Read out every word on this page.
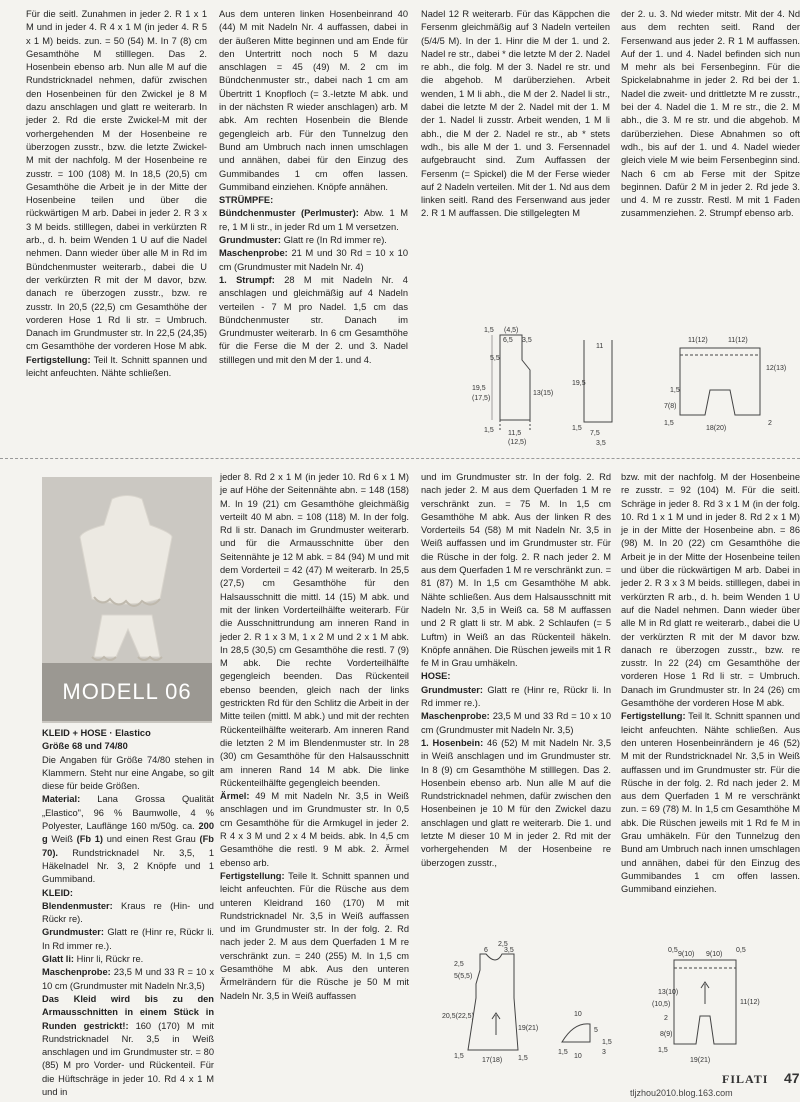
Für die seitl. Zunahmen in jeder 2. R 1 x 1 M und in jeder 4. R 4 x 1 M (in jeder 4. R 5 x 1 M) beids. zun. = 50 (54) M. In 7 (8) cm Gesamthöhe M stilllegen. Das 2. Hosenbein ebenso arb. Nun alle M auf die Rundstricknadel nehmen, dafür zwischen den Hosenbeinen für den Zwickel je 8 M dazu anschlagen und glatt re weiterarb. In jeder 2. Rd die erste Zwickel-M mit der vorhergehenden M der Hosenbeine re überzogen zusstr., bzw. die letzte Zwickel-M mit der nachfolg. M der Hosenbeine re zusstr. = 100 (108) M. In 18,5 (20,5) cm Gesamthöhe die Arbeit je in der Mitte der Hosenbeine teilen und über die rückwärtigen M arb. Dabei in jeder 2. R 3 x 3 M beids. stilllegen, dabei in verkürzten R arb., d. h. beim Wenden 1 U auf die Nadel nehmen. Dann wieder über alle M in Rd im Bündchenmuster weiterarb., dabei die U der verkürzten R mit der M davor, bzw. danach re überzogen zusstr., bzw. re zusstr. In 20,5 (22,5) cm Gesamthöhe der vorderen Hose 1 Rd li str. = Umbruch. Danach im Grundmuster str. In 22,5 (24,35) cm Gesamthöhe der vorderen Hose M abk. Fertigstellung: Teil lt. Schnitt spannen und leicht anfeuchten. Nähte schließen.

Aus dem unteren linken Hosenbeinrand 40 (44) M mit Nadeln Nr. 4 auffassen, dabei in der äußeren Mitte beginnen und am Ende für den Untertritt noch noch 5 M dazu anschlagen = 45 (49) M. 2 cm im Bündchenmuster str., dabei nach 1 cm am Übertritt 1 Knopfloch (= 3.-letzte M abk. und in der nächsten R wieder anschlagen) arb. M abk. Am rechten Hosenbein die Blende gegengleich arb. Für den Tunnelzug den Bund am Umbruch nach innen umschlagen und annähen, dabei für den Einzug des Gummibandes 1 cm offen lassen. Gummiband einziehen. Knöpfe annähen.

STRÜMPFE:

Bündchenmuster (Perlmuster): Abw. 1 M re, 1 M li str., in jeder Rd um 1 M versetzen.

Grundmuster: Glatt re (In Rd immer re).

Maschenprobe: 21 M und 30 Rd = 10 x 10 cm (Grundmuster mit Nadeln Nr. 4)

1. Strumpf: 28 M mit Nadeln Nr. 4 anschlagen und gleichmäßig auf 4 Nadeln verteilen - 7 M pro Nadel. 1,5 cm das Bündchenmuster str. Danach im Grundmuster weiterarb. In 6 cm Gesamthöhe für die Ferse die M der 2. und 3. Nadel stilllegen und mit den M der 1. und 4.

Nadel 12 R weiterarb. Für das Käppchen die Fersenm gleichmäßig auf 3 Nadeln verteilen (5/4/5 M). In der 1. Hinr die M der 1. und 2. Nadel re str., dabei * die letzte M der 2. Nadel re abh., die folg. M der 3. Nadel re str. und die abgehob. M darüberziehen. Arbeit wenden, 1 M li abh., die M der 2. Nadel li str., dabei die letzte M der 2. Nadel mit der 1. M der 1. Nadel li zusstr. Arbeit wenden, 1 M li abh., die M der 2. Nadel re str., ab * stets wdh., bis alle M der 1. und 3. Fersennadel aufgebraucht sind. Zum Auffassen der Fersenm (= Spickel) die M der Ferse wieder auf 2 Nadeln verteilen. Mit der 1. Nd aus dem linken seitl. Rand des Fersenwand aus jeder 2. R 1 M auffassen. Die stillgelegten M

der 2. u. 3. Nd wieder mitstr. Mit der 4. Nd aus dem rechten seitl. Rand der Fersenwand aus jeder 2. R 1 M auffassen. Auf der 1. und 4. Nadel befinden sich nun M mehr als bei Fersenbeginn. Für die Spickelabnahme in jeder 2. Rd bei der 1. Nadel die zweit- und drittletzte M re zusstr., bei der 4. Nadel die 1. M re str., die 2. M abh., die 3. M re str. und die abgehob. M darüberziehen. Diese Abnahmen so oft wdh., bis auf der 1. und 4. Nadel wieder gleich viele M wie beim Fersenbeginn sind. Nach 6 cm ab Ferse mit der Spitze beginnen. Dafür 2 M in jeder 2. Rd jede 3. und 4. M re zusstr. Restl. M mit 1 Faden zusammenziehen. 2. Strumpf ebenso arb.

(4,5)
6,5 3,5
1,5
(17,5)
19,5
5,5
1,5 11,5
(12,5)
13(15)
11
19,5
1,5
7,5
3,5
11(12)	11(12)
12(13)
1,5
7(8)
1,5
18(20)
2
MODELL 06

KLEID + HOSE · Elastico

Größe 68 und 74/80

Die Angaben für Größe 74/80 stehen in Klammern. Steht nur eine Angabe, so gilt diese für beide Größen.

Material: Lana Grossa Qualität „Elastico", 96 % Baumwolle, 4 % Polyester, Lauflänge 160 m/50g. ca. 200 g Weiß (Fb 1) und einen Rest Grau (Fb 70). Rundstricknadel Nr. 3,5, 1 Häkelnadel Nr. 3, 2 Knöpfe und 1 Gummiband.

KLEID:

Blendenmuster: Kraus re (Hin- und Rückr re).

Grundmuster: Glatt re (Hinr re, Rückr li. In Rd immer re.).

Glatt li: Hinr li, Rückr re.

Maschenprobe: 23,5 M und 33 R = 10 x 10 cm (Grundmuster mit Nadeln Nr.3,5)

Das Kleid wird bis zu den Armausschnitten in einem Stück in Runden gestrickt!: 160 (170) M mit Rundstricknadel Nr. 3,5 in Weiß anschlagen und im Grundmuster str. = 80 (85) M pro Vorder- und Rückenteil. Für die Hüftschräge in jeder 10. Rd 4 x 1 M und in

jeder 8. Rd 2 x 1 M (in jeder 10. Rd 6 x 1 M) je auf Höhe der Seitennähte abn. = 148 (158) M. In 19 (21) cm Gesamthöhe gleichmäßig verteilt 40 M abn. = 108 (118) M. In der folg. Rd li str. Danach im Grundmuster weiterarb. und für die Armausschnitte über den Seitennähte je 12 M abk. = 84 (94) M und mit dem Vorderteil = 42 (47) M weiterarb. In 25,5 (27,5) cm Gesamthöhe für den Halsausschnitt die mittl. 14 (15) M abk. und mit der linken Vorderteilhälfte weiterarb. Für die Ausschnittrundung am inneren Rand in jeder 2. R 1 x 3 M, 1 x 2 M und 2 x 1 M abk. In 28,5 (30,5) cm Gesamthöhe die restl. 7 (9) M abk. Die rechte Vorderteilhälfte gegengleich beenden. Das Rückenteil ebenso beenden, gleich nach der links gestrickten Rd für den Schlitz die Arbeit in der Mitte teilen (mittl. M abk.) und mit der rechten Rückenteilhälfte weiterarb. Am inneren Rand die letzten 2 M im Blendenmuster str. In 28 (30) cm Gesamthöhe für den Halsausschnitt am inneren Rand 14 M abk. Die linke Rückenteilhälfte gegengleich beenden.

Ärmel: 49 M mit Nadeln Nr. 3,5 in Weiß anschlagen und im Grundmuster str. In 0,5 cm Gesamthöhe für die Armkugel in jeder 2. R 4 x 3 M und 2 x 4 M beids. abk. In 4,5 cm Gesamthöhe die restl. 9 M abk. 2. Ärmel ebenso arb.

Fertigstellung: Teile lt. Schnitt spannen und leicht anfeuchten. Für die Rüsche aus dem unteren Kleidrand 160 (170) M mit Rundstricknadel Nr. 3,5 in Weiß auffassen und im Grundmuster str. In der folg. 2. Rd nach jeder 2. M aus dem Querfaden 1 M re verschränkt zun. = 240 (255) M. In 1,5 cm Gesamthöhe M abk. Aus den unteren Ärmelrändern für die Rüsche je 50 M mit Nadeln Nr. 3,5 in Weiß auffassen

und im Grundmuster str. In der folg. 2. Rd nach jeder 2. M aus dem Querfaden 1 M re verschränkt zun. = 75 M. In 1,5 cm Gesamthöhe M abk. Aus der linken R des Vorderteils 54 (58) M mit Nadeln Nr. 3,5 in Weiß auffassen und im Grundmuster str. Für die Rüsche in der folg. 2. R nach jeder 2. M aus dem Querfaden 1 M re verschränkt zun. = 81 (87) M. In 1,5 cm Gesamthöhe M abk. Nähte schließen. Aus dem Halsausschnitt mit Nadeln Nr. 3,5 in Weiß ca. 58 M auffassen und 2 R glatt li str. M abk. 2 Schlaufen (= 5 Luftm) in Weiß an das Rückenteil häkeln. Knöpfe annähen. Die Rüschen jeweils mit 1 R fe M in Grau umhäkeln.

HOSE:

Grundmuster: Glatt re (Hinr re, Rückr li. In Rd immer re.).

Maschenprobe: 23,5 M und 33 Rd = 10 x 10 cm (Grundmuster mit Nadeln Nr. 3,5)

1. Hosenbein: 46 (52) M mit Nadeln Nr. 3,5 in Weiß anschlagen und im Grundmuster str. In 8 (9) cm Gesamthöhe M stilllegen. Das 2. Hosenbein ebenso arb. Nun alle M auf die Rundstricknadel nehmen, dafür zwischen den Hosenbeinen je 10 M für den Zwickel dazu anschlagen und glatt re weiterarb. Die 1. und letzte M dieser 10 M in jeder 2. Rd mit der vorhergehenden M der Hosenbeine re überzogen zusstr.,

bzw. mit der nachfolg. M der Hosenbeine re zusstr. = 92 (104) M. Für die seitl. Schräge in jeder 8. Rd 3 x 1 M (in der folg. 10. Rd 1 x 1 M und in jeder 8. Rd 2 x 1 M) je in der Mitte der Hosenbeine abn. = 86 (98) M. In 20 (22) cm Gesamthöhe die Arbeit je in der Mitte der Hosenbeine teilen und über die rückwärtigen M arb. Dabei in jeder 2. R 3 x 3 M beids. stilllegen, dabei in verkürzten R arb., d. h. beim Wenden 1 U auf die Nadel nehmen. Dann wieder über alle M in Rd glatt re weiterarb., dabei die U der verkürzten R mit der M davor bzw. danach re überzogen zusstr., bzw. re zusstr. In 22 (24) cm Gesamthöhe der vorderen Hose 1 Rd li str. = Umbruch. Danach im Grundmuster str. In 24 (26) cm Gesamthöhe der vorderen Hose M abk.

Fertigstellung: Teil lt. Schnitt spannen und leicht anfeuchten. Nähte schließen. Aus den unteren Hosenbeinrändern je 46 (52) M mit der Rundstricknadel Nr. 3,5 in Weiß auffassen und im Grundmuster str. Für die Rüsche in der folg. 2. Rd nach jeder 2. M aus dem Querfaden 1 M re verschränkt zun. = 69 (78) M. In 1,5 cm Gesamthöhe M abk. Die Rüschen jeweils mit 1 Rd fe M in Grau umhäkeln. Für den Tunnelzug den Bund am Umbruch nach innen umschlagen und annähen, dabei für den Einzug des Gummibandes 1 cm offen lassen. Gummiband einziehen.

2,5
6 3,5
5(5,5)
2,5
20,5(22,5)
19(21)
1,5
17(18) 1,5
10
5
1,5
3
1,5
10
0,5
9(10) 9(10)
0,5
13(10)
(10,5)
2
1,5
8(9)
11(12)
19(21)
FILATI 47
tljzhou2010.blog.163.com
